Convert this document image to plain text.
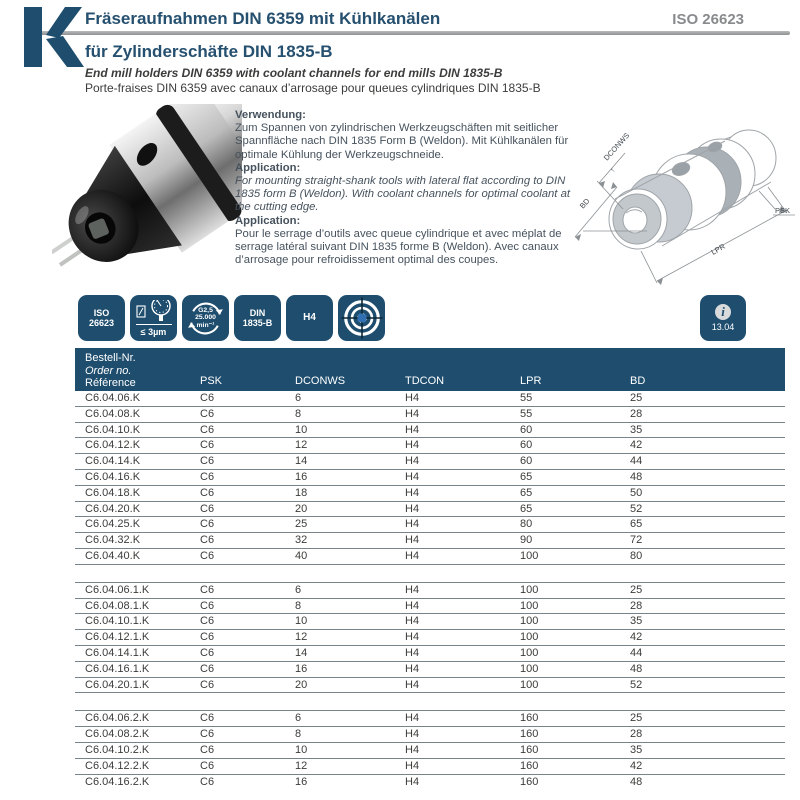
Fräseraufnahmen DIN 6359 mit Kühlkanälen	ISO 26623
für Zylinderschäfte DIN 1835-B
End mill holders DIN 6359 with coolant channels for end mills DIN 1835-B
Porte-fraises DIN 6359 avec canaux d’arrosage pour queues cylindriques DIN 1835-B
Verwendung:
Zum Spannen von zylindrischen Werkzeugschäften mit seitlicher Spannfläche nach DIN 1835 Form B (Weldon). Mit Kühlkanälen für optimale Kühlung der Werkzeugschneide.
Application:
For mounting straight-shank tools with lateral flat according to DIN 1835 form B (Weldon). With coolant channels for optimal coolant at the cutting edge.
Application:
Pour le serrage d’outils avec queue cylindrique et avec méplat de serrage latéral suivant DIN 1835 forme B (Weldon). Avec canaux d’arrosage pour refroidissement optimal des coupes.
DCONWS
↑
BD
LPR
PSK
ISO
26623
≤ 3µm
G2,5
25.000
min⁻¹
DIN
1835-B
H4	i
13.04
Bestell-Nr.
Order no.
Référence	PSK	DCONWS	TDCON	LPR	BD
C6.04.06.K	C6	6	H4	55	25
C6.04.08.K	C6	8	H4	55	28
C6.04.10.K	C6	10	H4	60	35
C6.04.12.K	C6	12	H4	60	42
C6.04.14.K	C6	14	H4	60	44
C6.04.16.K	C6	16	H4	65	48
C6.04.18.K	C6	18	H4	65	50
C6.04.20.K	C6	20	H4	65	52
C6.04.25.K	C6	25	H4	80	65
C6.04.32.K	C6	32	H4	90	72
C6.04.40.K	C6	40	H4	100	80
C6.04.06.1.K	C6	6	H4	100	25
C6.04.08.1.K	C6	8	H4	100	28
C6.04.10.1.K	C6	10	H4	100	35
C6.04.12.1.K	C6	12	H4	100	42
C6.04.14.1.K	C6	14	H4	100	44
C6.04.16.1.K	C6	16	H4	100	48
C6.04.20.1.K	C6	20	H4	100	52
C6.04.06.2.K	C6	6	H4	160	25
C6.04.08.2.K	C6	8	H4	160	28
C6.04.10.2.K	C6	10	H4	160	35
C6.04.12.2.K	C6	12	H4	160	42
C6.04.16.2.K	C6	16	H4	160	48
